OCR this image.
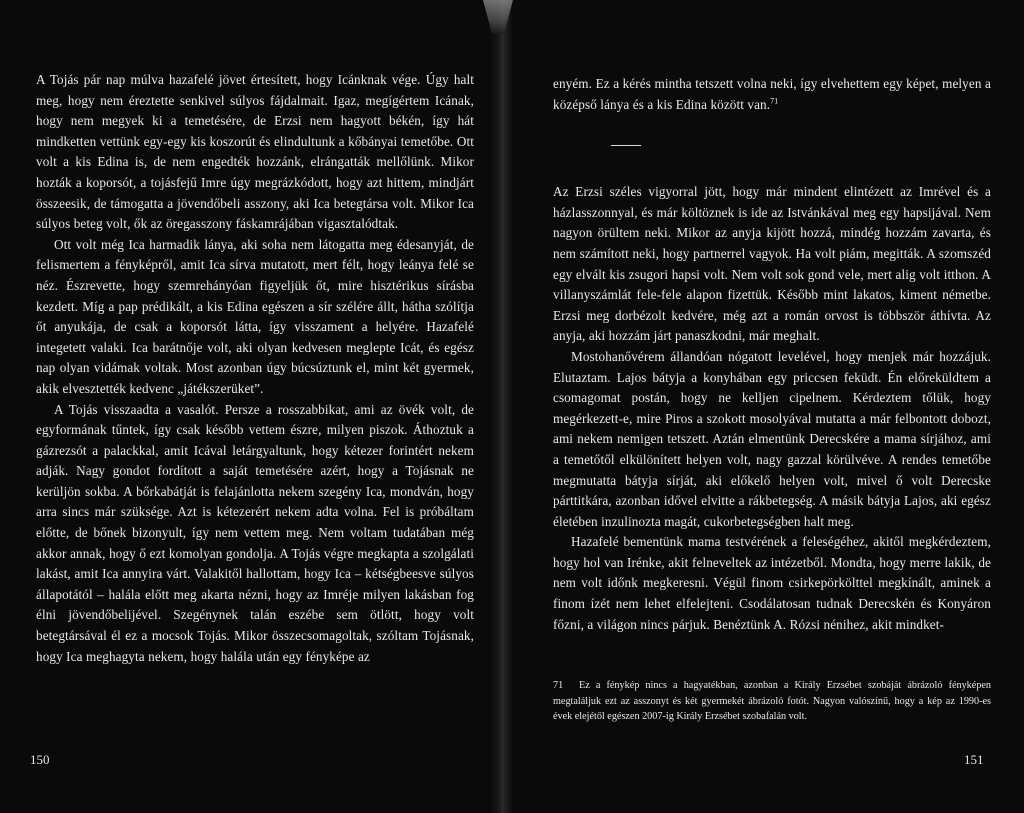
A Tojás pár nap múlva hazafelé jövet értesített, hogy Icánknak vége. Úgy halt meg, hogy nem éreztette senkivel súlyos fájdalmait. Igaz, megígértem Icának, hogy nem megyek ki a temetésére, de Erzsi nem hagyott békén, így hát mindketten vettünk egy-egy kis koszorút és elindultunk a kőbányai temetőbe. Ott volt a kis Edina is, de nem engedték hozzánk, elrángatták mellőlünk. Mikor hozták a koporsót, a tojásfejű Imre úgy megrázkódott, hogy azt hittem, mindjárt összeesik, de támogatta a jövendőbeli asszony, aki Ica betegtársa volt. Mikor Ica súlyos beteg volt, ők az öregasszony fáskamrájában vigasztalódtak.

Ott volt még Ica harmadik lánya, aki soha nem látogatta meg édesanyját, de felismertem a fényképről, amit Ica sírva mutatott, mert félt, hogy leánya felé se néz. Észrevette, hogy szemrehányóan figyeljük őt, mire hisztérikus sírásba kezdett. Míg a pap prédikált, a kis Edina egészen a sír szélére állt, hátha szólítja őt anyukája, de csak a koporsót látta, így visszament a helyére. Hazafelé integetett valaki. Ica barátnője volt, aki olyan kedvesen meglepte Icát, és egész nap olyan vidámak voltak. Most azonban úgy búcsúztunk el, mint két gyermek, akik elvesztették kedvenc „játékszerüket”.

A Tojás visszaadta a vasalót. Persze a rosszabbikat, ami az övék volt, de egyformának tűntek, így csak később vettem észre, milyen piszok. Áthoztuk a gázrezsót a palackkal, amit Icával letárgyaltunk, hogy kétezer forintért nekem adják. Nagy gondot fordított a saját temetésére azért, hogy a Tojásnak ne kerüljön sokba. A bőrkabátját is felajánlotta nekem szegény Ica, mondván, hogy arra sincs már szüksége. Azt is kétezerért nekem adta volna. Fel is próbáltam előtte, de bőnek bizonyult, így nem vettem meg. Nem voltam tudatában még akkor annak, hogy ő ezt komolyan gondolja. A Tojás végre megkapta a szolgálati lakást, amit Ica annyira várt. Valakitől hallottam, hogy Ica – kétségbeesve súlyos állapotától – halála előtt meg akarta nézni, hogy az Imréje milyen lakásban fog élni jövendőbelijével. Szegénynek talán eszébe sem ötlött, hogy volt betegtársával él ez a mocsok Tojás. Mikor összecsomagoltak, szóltam Tojásnak, hogy Ica meghagyta nekem, hogy halála után egy fényképe az

150

enyém. Ez a kérés mintha tetszett volna neki, így elvehettem egy képet, melyen a középső lánya és a kis Edina között van.$^{71}$

Az Erzsi széles vigyorral jött, hogy már mindent elintézett az Imrével és a házlasszonnyal, és már költöznek is ide az Istvánkával meg egy hapsijával. Nem nagyon örültem neki. Mikor az anyja kijött hozzá, mindég hozzám zavarta, és nem számított neki, hogy partnerrel vagyok. Ha volt piám, megitták. A szomszéd egy elvált kis zsugori hapsi volt. Nem volt sok gond vele, mert alig volt itthon. A villanyszámlát fele-fele alapon fizettük. Később mint lakatos, kiment németbe. Erzsi meg dorbézolt kedvére, még azt a román orvost is többször áthívta. Az anyja, aki hozzám járt panaszkodni, már meghalt.

Mostohanővérem állandóan nógatott levelével, hogy menjek már hozzájuk. Elutaztam. Lajos bátyja a konyhában egy priccsen feküdt. Én előreküldtem a csomagomat postán, hogy ne kelljen cipelnem. Kérdeztem tőlük, hogy megérkezett-e, mire Piros a szokott mosolyával mutatta a már felbontott dobozt, ami nekem nemigen tetszett. Aztán elmentünk Derecskére a mama sírjához, ami a temetőtől elkülönített helyen volt, nagy gazzal körülvéve. A rendes temetőbe megmutatta bátyja sírját, aki előkelő helyen volt, mivel ő volt Derecske párttitkára, azonban idővel elvitte a rákbetegség. A másik bátyja Lajos, aki egész életében inzulinozta magát, cukorbetegségben halt meg.

Hazafelé bementünk mama testvérének a feleségéhez, akitől megkérdeztem, hogy hol van Irénke, akit felneveltek az intézetből. Mondta, hogy merre lakik, de nem volt időnk megkeresni. Végül finom csirkepörkölttel megkínált, aminek a finom ízét nem lehet elfelejteni. Csodálatosan tudnak Derecskén és Konyáron főzni, a világon nincs párjuk. Benéztünk A. Rózsi nénihez, akit mindket-

71 Ez a fénykép nincs a hagyatékban, azonban a Király Erzsébet szobáját ábrázoló fényképen megtaláljuk ezt az asszonyt és két gyermekét ábrázoló fotót. Nagyon valószínű, hogy a kép az 1990-es évek elejétől egészen 2007-ig Király Erzsébet szobafalán volt.
151
